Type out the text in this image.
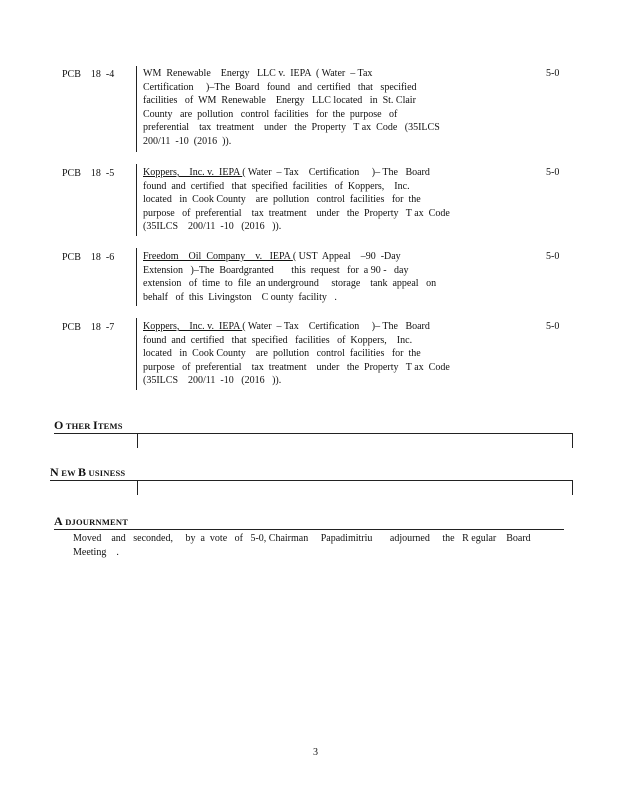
PCB    18  -4	WM  Renewable    Energy   LLC v.  IEPA  ( Water  – Tax
Certification     )–The  Board   found   and  certified   that   specified
facilities   of  WM  Renewable    Energy   LLC located   in  St. Clair
County   are  pollution   control  facilities   for  the  purpose   of
preferential    tax  treatment    under   the  Property   T ax  Code   (35ILCS
200/11  -10  (2016  )).
5-0
PCB    18  -5	Koppers,    Inc. v.  IEPA ( Water  – Tax    Certification     )– The   Board
found  and  certified   that  specified  facilities   of  Koppers,    Inc.
located   in  Cook County    are  pollution   control  facilities   for  the
purpose   of  preferential    tax  treatment    under   the  Property   T ax  Code
(35ILCS    200/11  -10   (2016   )).
5-0
PCB    18  -6	Freedom    Oil  Company    v.   IEPA ( UST  Appeal    –90  -Day
Extension   )–The  Boardgranted       this  request   for  a 90 -   day
extension   of  time  to  file  an underground     storage    tank  appeal   on
behalf   of  this  Livingston    C ounty  facility   .
5-0
PCB    18  -7	Koppers,    Inc. v.  IEPA ( Water  – Tax    Certification     )– The   Board
found  and  certified   that  specified   facilities   of  Koppers,    Inc.
located   in  Cook County    are  pollution   control  facilities   for  the
purpose   of  preferential    tax  treatment    under   the  Property   T ax  Code
(35ILCS    200/11  -10   (2016   )).
5-0
O THER ITEMS
N EW B USINESS
A DJOURNMENT
Moved    and   seconded,     by  a  vote   of   5-0, Chairman     Papadimitriu       adjourned     the   R egular    Board
Meeting    .
3
